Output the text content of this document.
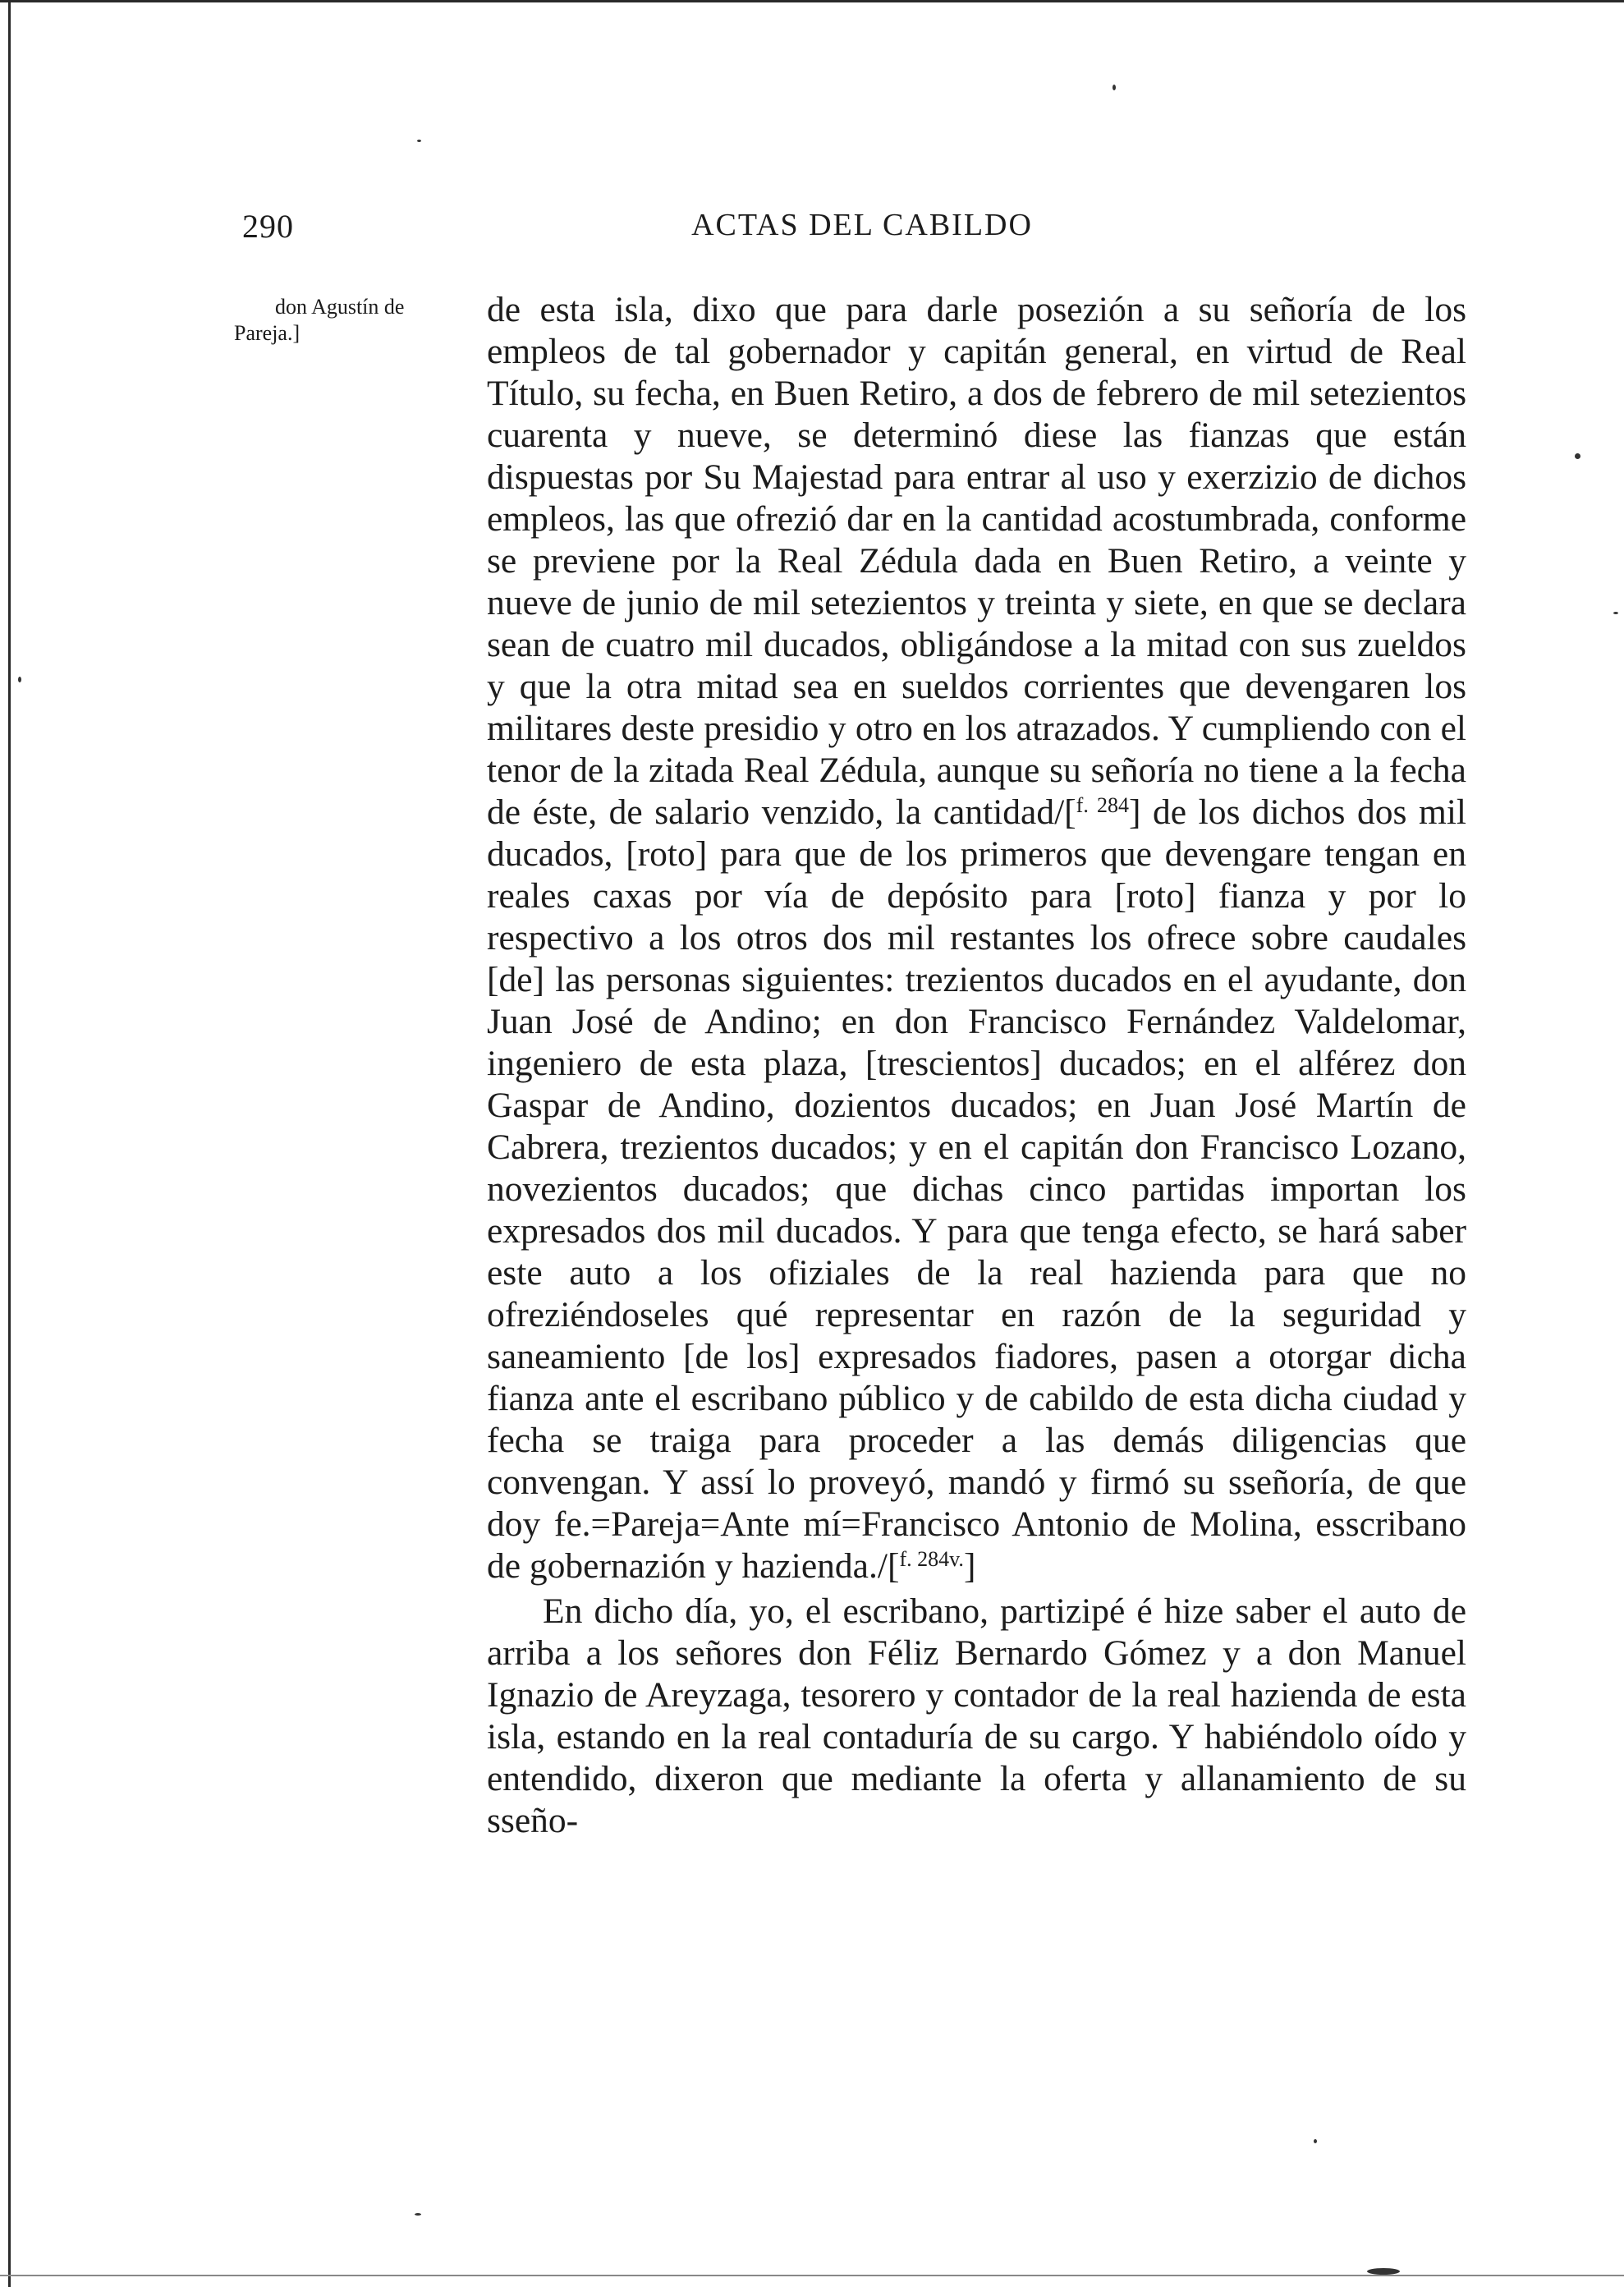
ACTAS DEL CABILDO
290
don Agustín de Pareja.]

de esta isla, dixo que para darle posezión a su señoría de los empleos de tal gobernador y capitán general, en virtud de Real Título, su fecha, en Buen Retiro, a dos de febrero de mil setezientos cuarenta y nueve, se determinó diese las fianzas que están dispuestas por Su Majestad para entrar al uso y exerzizio de dichos empleos, las que ofrezió dar en la cantidad acostumbrada, conforme se previene por la Real Zédula dada en Buen Retiro, a veinte y nueve de junio de mil setezientos y treinta y siete, en que se declara sean de cuatro mil ducados, obligándose a la mitad con sus zueldos y que la otra mitad sea en sueldos corrientes que devengaren los militares deste presidio y otro en los atrazados. Y cumpliendo con el tenor de la zitada Real Zédula, aunque su señoría no tiene a la fecha de éste, de salario venzido, la cantidad/[$^{f. 284}$] de los dichos dos mil ducados, [roto] para que de los primeros que devengare tengan en reales caxas por vía de depósito para [roto] fianza y por lo respectivo a los otros dos mil restantes los ofrece sobre caudales [de] las personas siguientes: trezientos ducados en el ayudante, don Juan José de Andino; en don Francisco Fernández Valdelomar, ingeniero de esta plaza, [trescientos] ducados; en el alférez don Gaspar de Andino, dozientos ducados; en Juan José Martín de Cabrera, trezientos ducados; y en el capitán don Francisco Lozano, novezientos ducados; que dichas cinco partidas importan los expresados dos mil ducados. Y para que tenga efecto, se hará saber este auto a los ofiziales de la real hazienda para que no ofreziéndoseles qué representar en razón de la seguridad y saneamiento [de los] expresados fiadores, pasen a otorgar dicha fianza ante el escribano público y de cabildo de esta dicha ciudad y fecha se traiga para proceder a las demás diligencias que convengan. Y assí lo proveyó, mandó y firmó su sseñoría, de que doy fe.=Pareja=Ante mí=Francisco Antonio de Molina, esscribano de gobernazión y hazienda./[$^{f. 284v.}$]

En dicho día, yo, el escribano, partizipé é hize saber el auto de arriba a los señores don Féliz Bernardo Gómez y a don Manuel Ignazio de Areyzaga, tesorero y contador de la real hazienda de esta isla, estando en la real contaduría de su cargo. Y habiéndolo oído y entendido, dixeron que mediante la oferta y allanamiento de su sseño-
